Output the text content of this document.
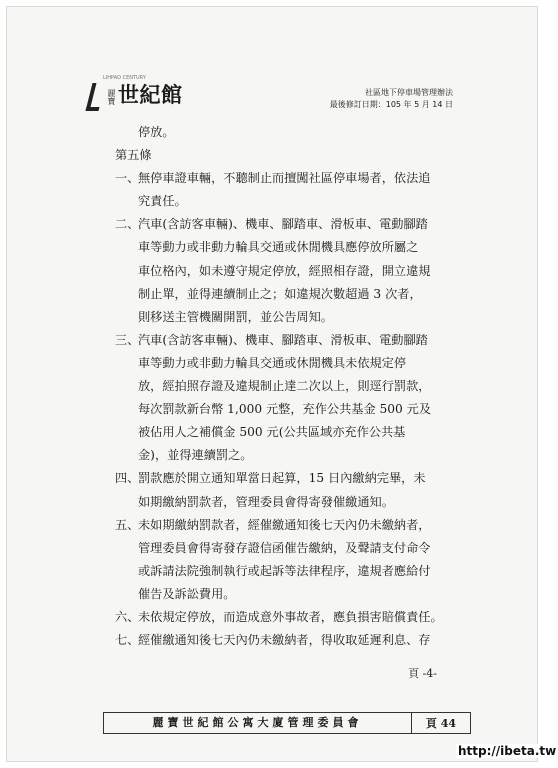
LIHPAO CENTURY
麗寶 世紀館	社區地下停車場管理辦法
最後修訂日期：105 年 5 月 14 日
停放。
第五條
一、
無停車證車輛，不聽制止而擅闖社區停車場者，依法追
究責任。
二、
汽車(含訪客車輛)、機車、腳踏車、滑板車、電動腳踏
車等動力或非動力輪具交通或休閒機具應停放所屬之
車位格內，如未遵守規定停放，經照相存證，開立違規
制止單，並得連續制止之；如違規次數超過 3 次者，
則移送主管機關開罰，並公告周知。
三、
汽車(含訪客車輛)、機車、腳踏車、滑板車、電動腳踏
車等動力或非動力輪具交通或休閒機具未依規定停
放，經拍照存證及違規制止達二次以上，則逕行罰款，
每次罰款新台幣 1,000 元整，充作公共基金 500 元及
被佔用人之補償金 500 元(公共區域亦充作公共基
金)，並得連續罰之。
四、
罰款應於開立通知單當日起算，15 日內繳納完畢，未
如期繳納罰款者，管理委員會得寄發催繳通知。
五、
未如期繳納罰款者，經催繳通知後七天內仍未繳納者，
管理委員會得寄發存證信函催告繳納，及聲請支付命令
或訴請法院強制執行或起訴等法律程序，違規者應給付
催告及訴訟費用。
六、
未依規定停放，而造成意外事故者，應負損害賠償責任。
七、
經催繳通知後七天內仍未繳納者，得收取延遲利息、存
頁 -4-
麗寶世紀館公寓大廈管理委員會	頁 44
http://ibeta.tw
